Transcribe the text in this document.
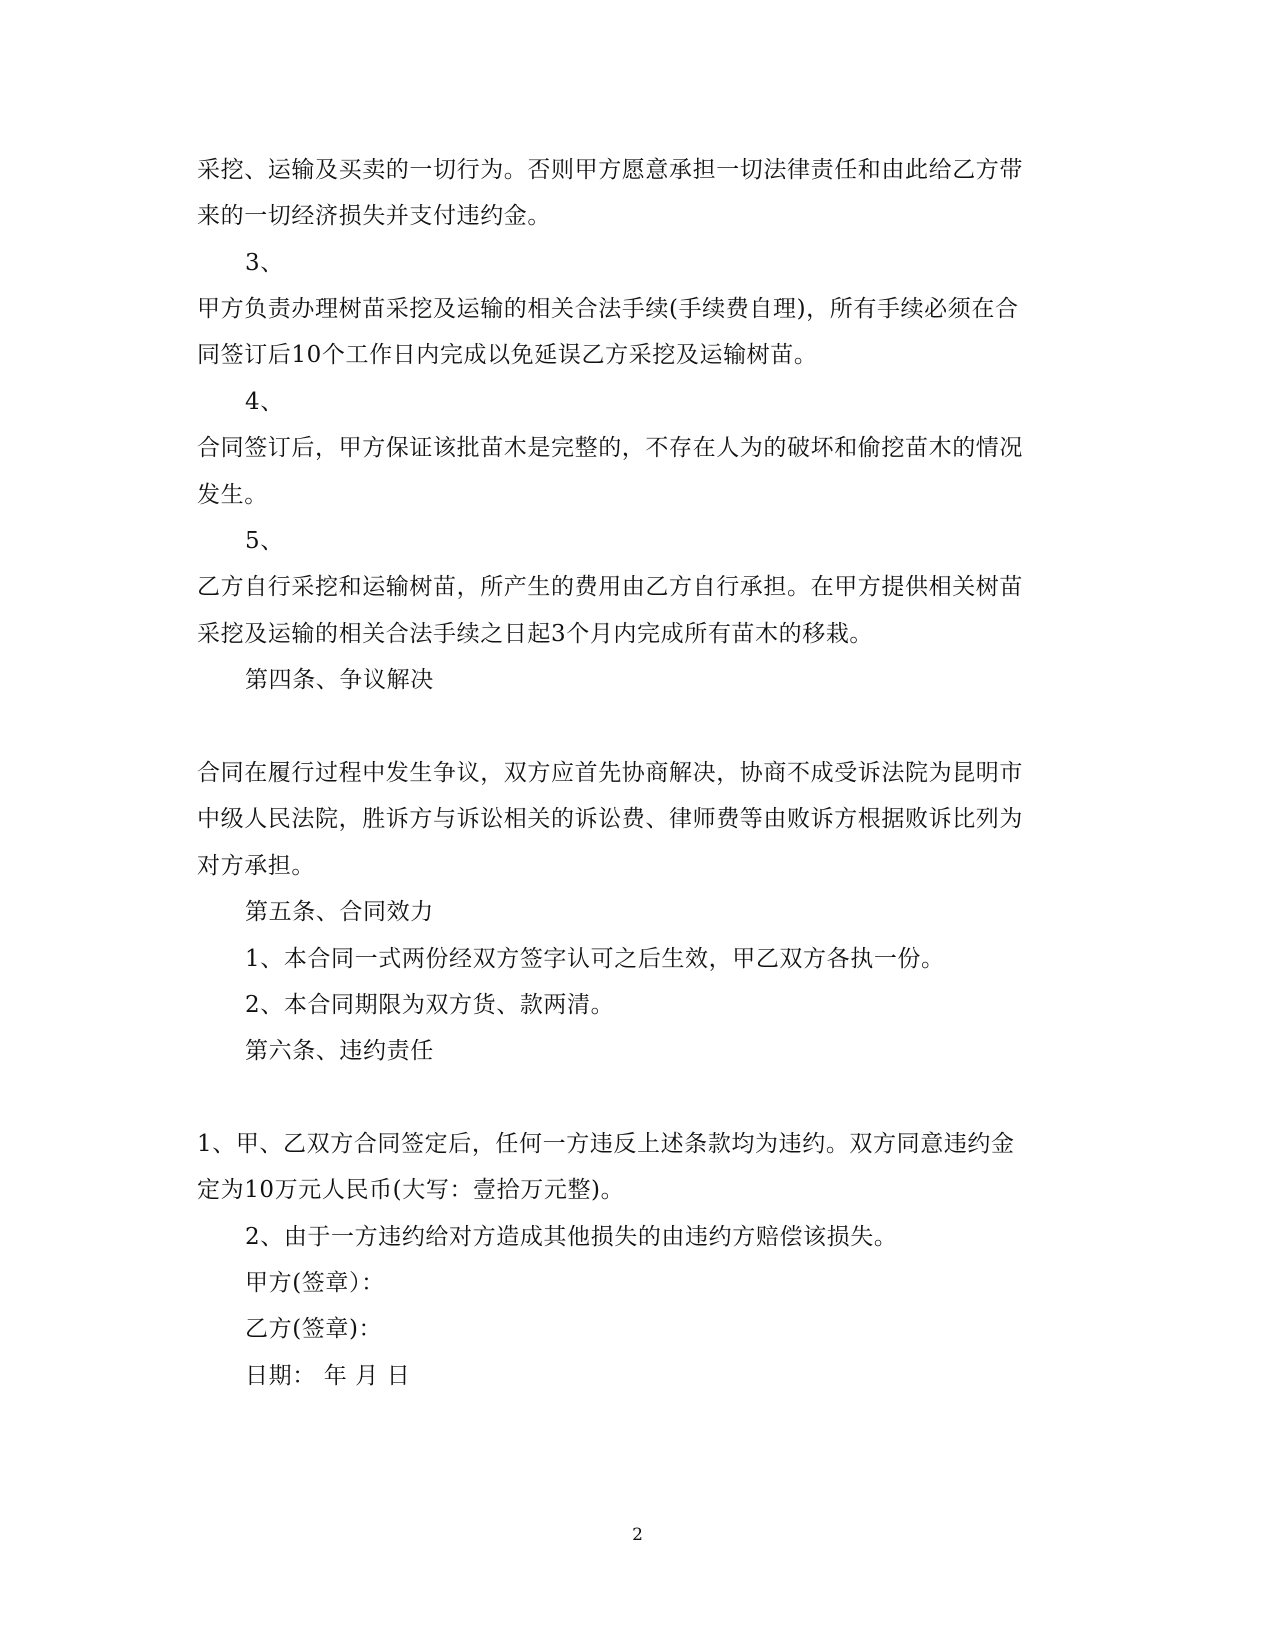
采挖、运输及买卖的一切行为。否则甲方愿意承担一切法律责任和由此给乙方带
来的一切经济损失并支付违约金。
3、
甲方负责办理树苗采挖及运输的相关合法手续(手续费自理)，所有手续必须在合
同签订后10个工作日内完成以免延误乙方采挖及运输树苗。
4、
合同签订后，甲方保证该批苗木是完整的，不存在人为的破坏和偷挖苗木的情况
发生。
5、
乙方自行采挖和运输树苗，所产生的费用由乙方自行承担。在甲方提供相关树苗
采挖及运输的相关合法手续之日起3个月内完成所有苗木的移栽。
第四条、争议解决
合同在履行过程中发生争议，双方应首先协商解决，协商不成受诉法院为昆明市
中级人民法院，胜诉方与诉讼相关的诉讼费、律师费等由败诉方根据败诉比列为
对方承担。
第五条、合同效力
1、本合同一式两份经双方签字认可之后生效，甲乙双方各执一份。
2、本合同期限为双方货、款两清。
第六条、违约责任
1、甲、乙双方合同签定后，任何一方违反上述条款均为违约。双方同意违约金
定为10万元人民币(大写：壹拾万元整)。
2、由于一方违约给对方造成其他损失的由违约方赔偿该损失。
甲方(签章）：
乙方(签章)：
日期： 年 月 日
2
